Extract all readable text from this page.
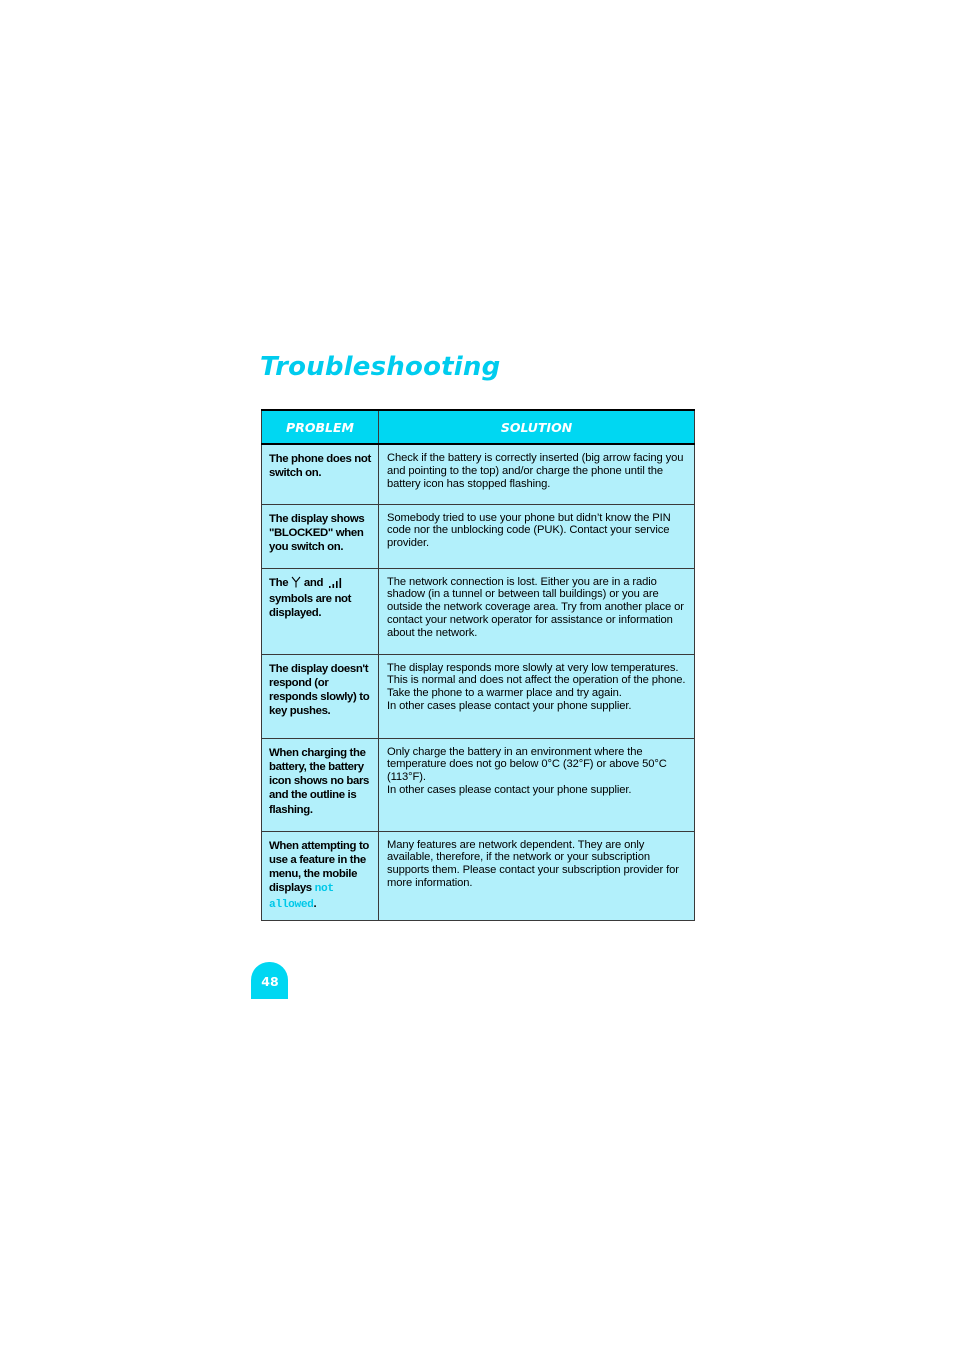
Troubleshooting
PROBLEM	SOLUTION
The phone does not switch on.	Check if the battery is correctly inserted (big arrow facing you and pointing to the top) and/or charge the phone until the battery icon has stopped flashing.

The display shows "BLOCKED" when you switch on.	Somebody tried to use your phone but didn’t know the PIN code nor the unblocking code (PUK). Contact your service provider.

The and  symbols are not displayed.	The network connection is lost. Either you are in a radio shadow (in a tunnel or between tall buildings) or you are outside the network coverage area. Try from another place or contact your network operator for assistance or information about the network.

The display doesn't respond (or responds slowly) to key pushes.	The display responds more slowly at very low temperatures. This is normal and does not affect the operation of the phone. Take the phone to a warmer place and try again.
In other cases please contact your phone supplier.

When charging the battery, the battery icon shows no bars and the outline is flashing.	Only charge the battery in an environment where the temperature does not go below 0°C (32°F) or above 50°C (113°F).
In other cases please contact your phone supplier.

When attempting to use a feature in the menu, the mobile displays not allowed.	Many features are network dependent. They are only available, therefore, if the network or your subscription supports them. Please contact your subscription provider for more information.
48
